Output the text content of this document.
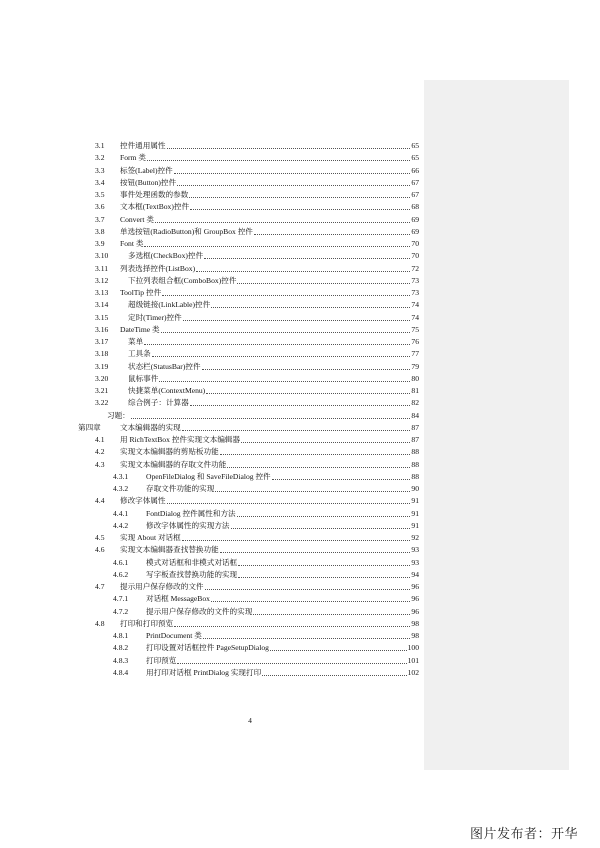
3.1 控件通用属性	65
3.2 Form 类	65
3.3 标签(Label)控件	66
3.4 按钮(Button)控件	67
3.5 事件处理函数的参数	67
3.6 文本框(TextBox)控件	68
3.7 Convert 类	69
3.8 单选按钮(RadioButton)和 GroupBox 控件	69
3.9 Font 类	70
3.10	多选框(CheckBox)控件	70
3.11 列表选择控件(ListBox)	72
3.12	下拉列表组合框(ComboBox)控件	73
3.13 ToolTip 控件	73
3.14	超级链接(LinkLable)控件	74
3.15	定时(Timer)控件	74
3.16 DateTime 类	75
3.17	菜单	76
3.18	工具条	77
3.19	状态栏(StatusBar)控件	79
3.20	鼠标事件	80
3.21	快捷菜单(ContextMenu)	81
3.22	综合例子：计算器	82
习题：	84
第四章	文本编辑器的实现	87
4.1 用 RichTextBox 控件实现文本编辑器	87
4.2 实现文本编辑器的剪贴板功能	88
4.3 实现文本编辑器的存取文件功能	88
4.3.1 OpenFileDialog 和 SaveFileDialog 控件	88
4.3.2 存取文件功能的实现	90
4.4 修改字体属性	91
4.4.1 FontDialog 控件属性和方法	91
4.4.2 修改字体属性的实现方法	91
4.5 实现 About 对话框	92
4.6 实现文本编辑器查找替换功能	93
4.6.1 模式对话框和非模式对话框	93
4.6.2 写字板查找替换功能的实现	94
4.7 提示用户保存修改的文件	96
4.7.1 对话框 MessageBox	96
4.7.2 提示用户保存修改的文件的实现	96
4.8 打印和打印预览	98
4.8.1 PrintDocument 类	98
4.8.2 打印设置对话框控件 PageSetupDialog	100
4.8.3 打印预览	101
4.8.4 用打印对话框 PrintDialog 实现打印	102
4
图片发布者：开华
